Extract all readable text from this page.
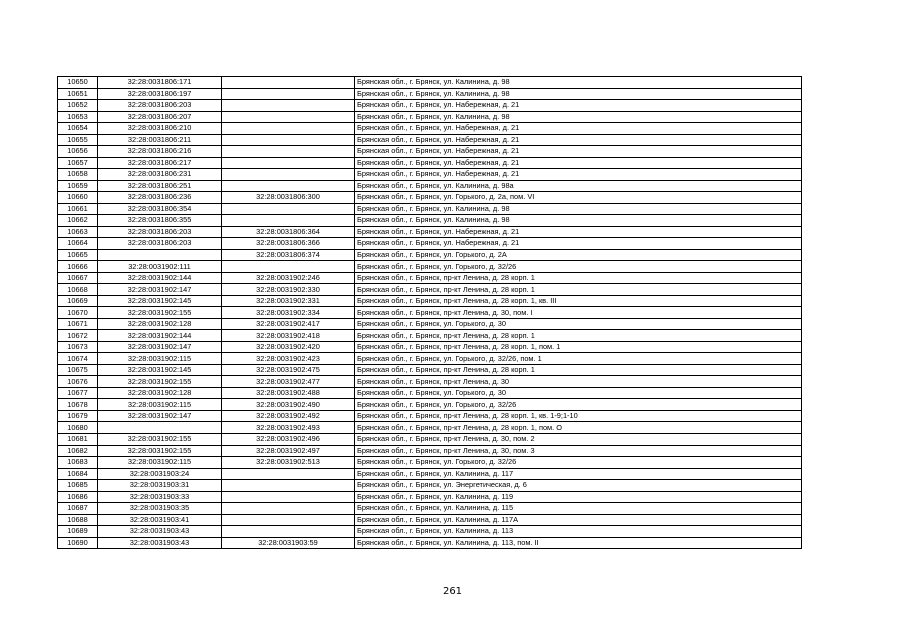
10650	32:28:0031806:171		Брянская обл., г. Брянск, ул. Калинина, д. 98
10651	32:28:0031806:197		Брянская обл., г. Брянск, ул. Калинина, д. 98
10652	32:28:0031806:203		Брянская обл., г. Брянск, ул. Набережная, д. 21
10653	32:28:0031806:207		Брянская обл., г. Брянск, ул. Калинина, д. 98
10654	32:28:0031806:210		Брянская обл., г. Брянск, ул. Набережная, д. 21
10655	32:28:0031806:211		Брянская обл., г. Брянск, ул. Набережная, д. 21
10656	32:28:0031806:216		Брянская обл., г. Брянск, ул. Набережная, д. 21
10657	32:28:0031806:217		Брянская обл., г. Брянск, ул. Набережная, д. 21
10658	32:28:0031806:231		Брянская обл., г. Брянск, ул. Набережная, д. 21
10659	32:28:0031806:251		Брянская обл., г. Брянск, ул. Калинина, д. 98а
10660	32:28:0031806:236	32:28:0031806:300	Брянская обл., г. Брянск, ул. Горького, д. 2а, пом. VI
10661	32:28:0031806:354		Брянская обл., г. Брянск, ул. Калинина, д. 98
10662	32:28:0031806:355		Брянская обл., г. Брянск, ул. Калинина, д. 98
10663	32:28:0031806:203	32:28:0031806:364	Брянская обл., г. Брянск, ул. Набережная, д. 21
10664	32:28:0031806:203	32:28:0031806:366	Брянская обл., г. Брянск, ул. Набережная, д. 21
10665		32:28:0031806:374	Брянская обл., г. Брянск, ул. Горького, д. 2А
10666	32:28:0031902:111		Брянская обл., г. Брянск, ул. Горького, д. 32/26
10667	32:28:0031902:144	32:28:0031902:246	Брянская обл., г. Брянск, пр-кт Ленина, д. 28 корп. 1
10668	32:28:0031902:147	32:28:0031902:330	Брянская обл., г. Брянск, пр-кт Ленина, д. 28 корп. 1
10669	32:28:0031902:145	32:28:0031902:331	Брянская обл., г. Брянск, пр-кт Ленина, д. 28 корп. 1, кв. III
10670	32:28:0031902:155	32:28:0031902:334	Брянская обл., г. Брянск, пр-кт Ленина, д. 30, пом. I
10671	32:28:0031902:128	32:28:0031902:417	Брянская обл., г. Брянск, ул. Горького, д. 30
10672	32:28:0031902:144	32:28:0031902:418	Брянская обл., г. Брянск, пр-кт Ленина, д. 28 корп. 1
10673	32:28:0031902:147	32:28:0031902:420	Брянская обл., г. Брянск, пр-кт Ленина, д. 28 корп. 1, пом. 1
10674	32:28:0031902:115	32:28:0031902:423	Брянская обл., г. Брянск, ул. Горького, д. 32/26, пом. 1
10675	32:28:0031902:145	32:28:0031902:475	Брянская обл., г. Брянск, пр-кт Ленина, д. 28 корп. 1
10676	32:28:0031902:155	32:28:0031902:477	Брянская обл., г. Брянск, пр-кт Ленина, д. 30
10677	32:28:0031902:128	32:28:0031902:488	Брянская обл., г. Брянск, ул. Горького, д. 30
10678	32:28:0031902:115	32:28:0031902:490	Брянская обл., г. Брянск, ул. Горького, д. 32/26
10679	32:28:0031902:147	32:28:0031902:492	Брянская обл., г. Брянск, пр-кт Ленина, д. 28 корп. 1, кв. 1-9;1-10
10680		32:28:0031902:493	Брянская обл., г. Брянск, пр-кт Ленина, д. 28 корп. 1, пом. О
10681	32:28:0031902:155	32:28:0031902:496	Брянская обл., г. Брянск, пр-кт Ленина, д. 30, пом. 2
10682	32:28:0031902:155	32:28:0031902:497	Брянская обл., г. Брянск, пр-кт Ленина, д. 30, пом. 3
10683	32:28:0031902:115	32:28:0031902:513	Брянская обл., г. Брянск, ул. Горького, д. 32/26
10684	32:28:0031903:24		Брянская обл., г. Брянск, ул. Калинина, д. 117
10685	32:28:0031903:31		Брянская обл., г. Брянск, ул. Энергетическая, д. 6
10686	32:28:0031903:33		Брянская обл., г. Брянск, ул. Калинина, д. 119
10687	32:28:0031903:35		Брянская обл., г. Брянск, ул. Калинина, д. 115
10688	32:28:0031903:41		Брянская обл., г. Брянск, ул. Калинина, д. 117А
10689	32:28:0031903:43		Брянская обл., г. Брянск, ул. Калинина, д. 113
10690	32:28:0031903:43	32:28:0031903:59	Брянская обл., г. Брянск, ул. Калинина, д. 113, пом. II
261
